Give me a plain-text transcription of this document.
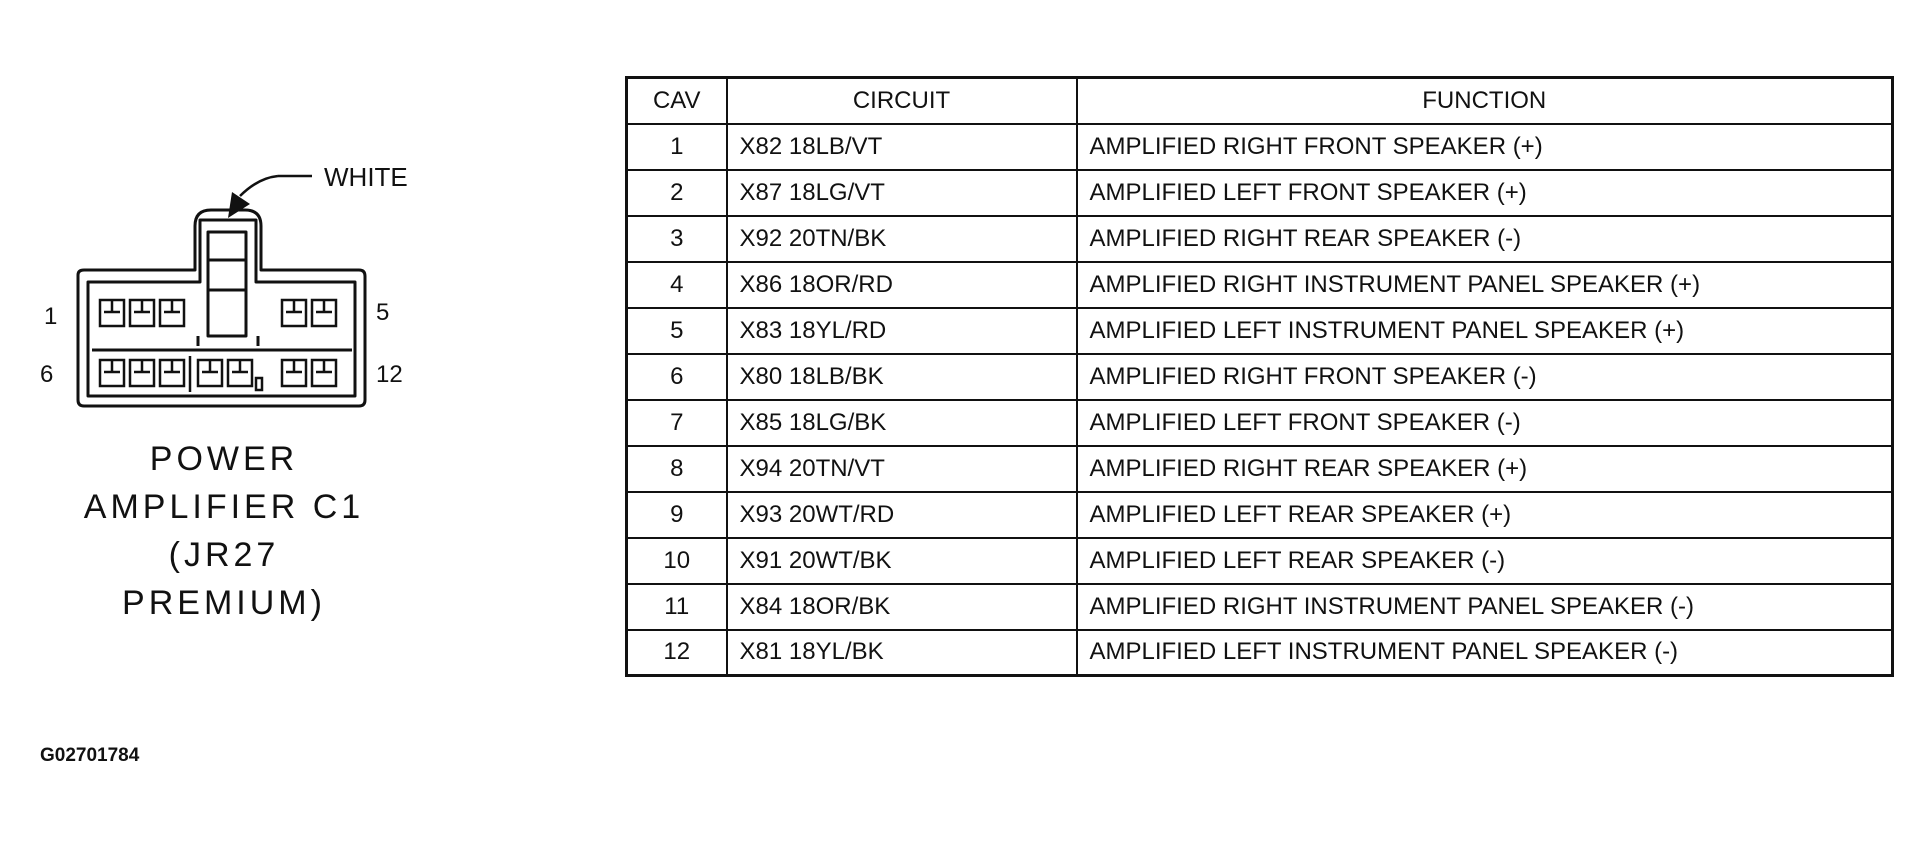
WHITE
1	5
6	12
POWER
AMPLIFIER C1
(JR27
PREMIUM)
G02701784
CAV	CIRCUIT	FUNCTION
1	X82 18LB/VT	AMPLIFIED RIGHT FRONT SPEAKER (+)
2	X87 18LG/VT	AMPLIFIED LEFT FRONT SPEAKER (+)
3	X92 20TN/BK	AMPLIFIED RIGHT REAR SPEAKER (-)
4	X86 18OR/RD	AMPLIFIED RIGHT INSTRUMENT PANEL SPEAKER (+)
5	X83 18YL/RD	AMPLIFIED LEFT INSTRUMENT PANEL SPEAKER (+)
6	X80 18LB/BK	AMPLIFIED RIGHT FRONT SPEAKER (-)
7	X85 18LG/BK	AMPLIFIED LEFT FRONT SPEAKER (-)
8	X94 20TN/VT	AMPLIFIED RIGHT REAR SPEAKER (+)
9	X93 20WT/RD	AMPLIFIED LEFT REAR SPEAKER (+)
10	X91 20WT/BK	AMPLIFIED LEFT REAR SPEAKER (-)
11	X84 18OR/BK	AMPLIFIED RIGHT INSTRUMENT PANEL SPEAKER (-)
12	X81 18YL/BK	AMPLIFIED LEFT INSTRUMENT PANEL SPEAKER (-)
